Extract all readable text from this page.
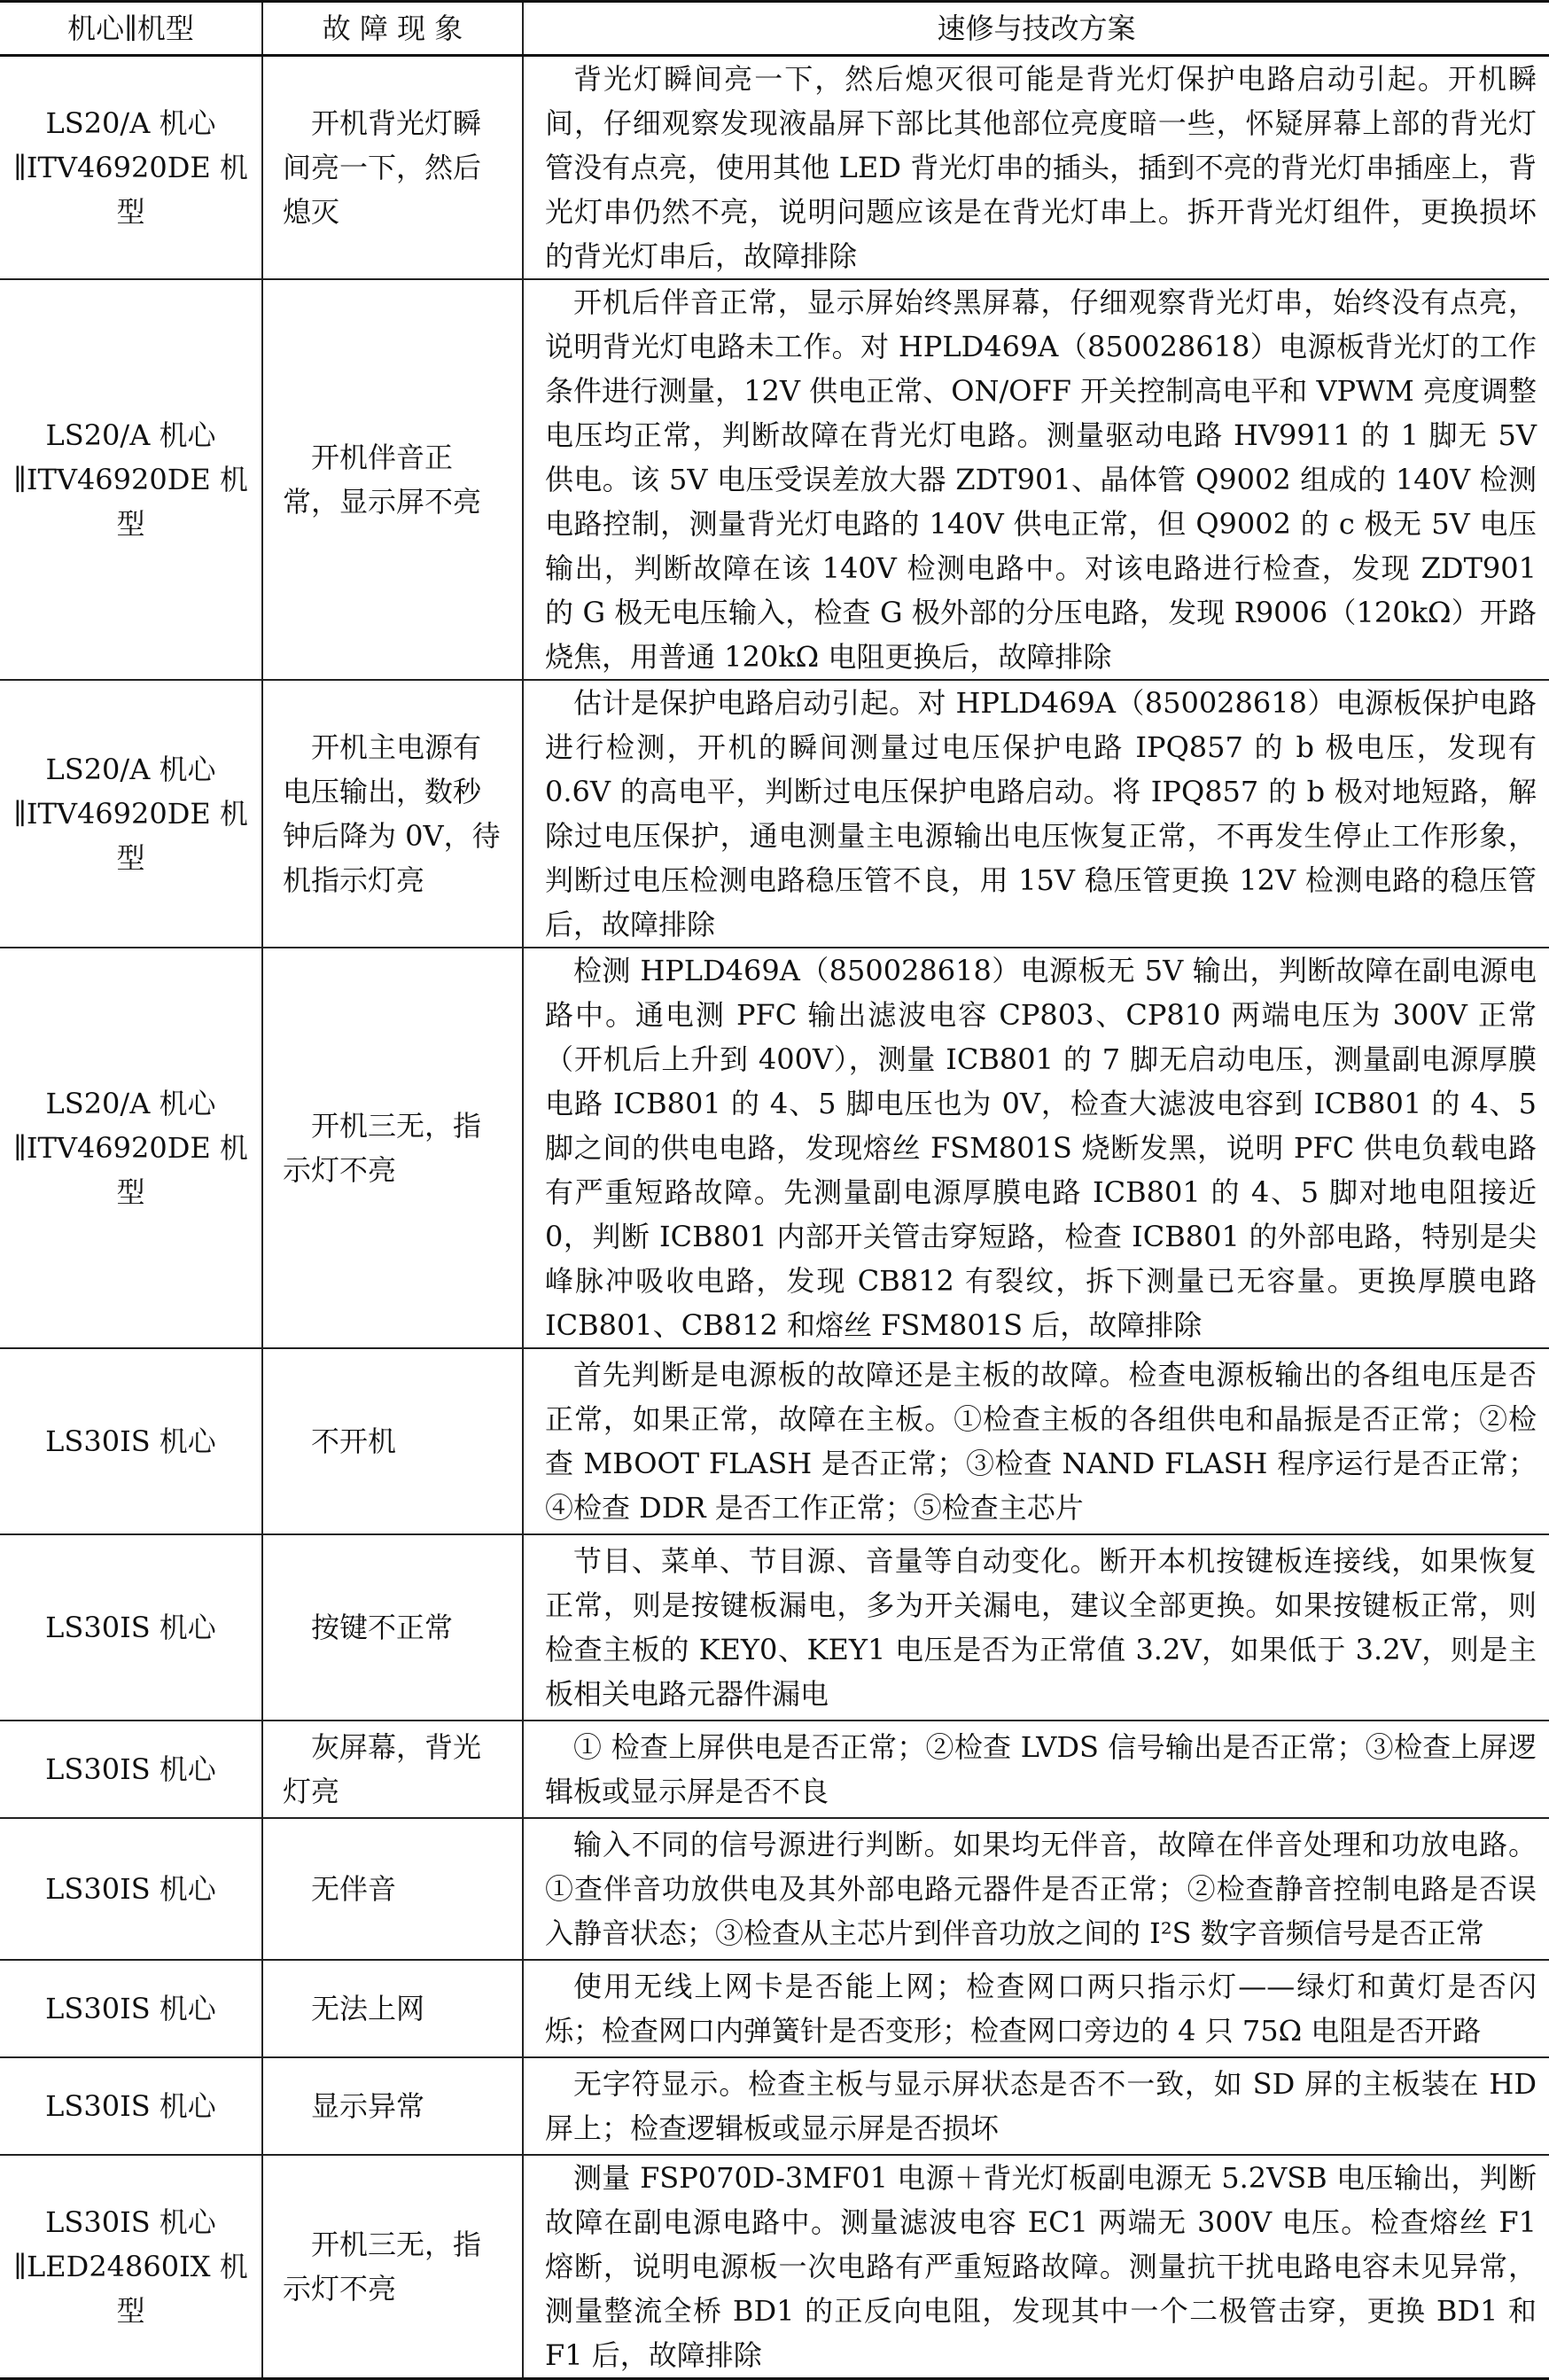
机心∥机型	故 障 现 象	速修与技改方案
LS20/A 机心∥ITV46920DE 机型	开机背光灯瞬间亮一下，然后熄灭	背光灯瞬间亮一下，然后熄灭很可能是背光灯保护电路启动引起。开机瞬间，仔细观察发现液晶屏下部比其他部位亮度暗一些，怀疑屏幕上部的背光灯管没有点亮，使用其他 LED 背光灯串的插头，插到不亮的背光灯串插座上，背光灯串仍然不亮，说明问题应该是在背光灯串上。拆开背光灯组件，更换损坏的背光灯串后，故障排除
LS20/A 机心∥ITV46920DE 机型	开机伴音正常，显示屏不亮	开机后伴音正常，显示屏始终黑屏幕，仔细观察背光灯串，始终没有点亮，说明背光灯电路未工作。对 HPLD469A（850028618）电源板背光灯的工作条件进行测量，12V 供电正常、ON/OFF 开关控制高电平和 VPWM 亮度调整电压均正常，判断故障在背光灯电路。测量驱动电路 HV9911 的 1 脚无 5V 供电。该 5V 电压受误差放大器 ZDT901、晶体管 Q9002 组成的 140V 检测电路控制，测量背光灯电路的 140V 供电正常，但 Q9002 的 c 极无 5V 电压输出，判断故障在该 140V 检测电路中。对该电路进行检查，发现 ZDT901 的 G 极无电压输入，检查 G 极外部的分压电路，发现 R9006（120kΩ）开路烧焦，用普通 120kΩ 电阻更换后，故障排除
LS20/A 机心∥ITV46920DE 机型	开机主电源有电压输出，数秒钟后降为 0V，待机指示灯亮	估计是保护电路启动引起。对 HPLD469A（850028618）电源板保护电路进行检测，开机的瞬间测量过电压保护电路 IPQ857 的 b 极电压，发现有 0.6V 的高电平，判断过电压保护电路启动。将 IPQ857 的 b 极对地短路，解除过电压保护，通电测量主电源输出电压恢复正常，不再发生停止工作形象，判断过电压检测电路稳压管不良，用 15V 稳压管更换 12V 检测电路的稳压管后，故障排除
LS20/A 机心∥ITV46920DE 机型	开机三无，指示灯不亮	检测 HPLD469A（850028618）电源板无 5V 输出，判断故障在副电源电路中。通电测 PFC 输出滤波电容 CP803、CP810 两端电压为 300V 正常（开机后上升到 400V），测量 ICB801 的 7 脚无启动电压，测量副电源厚膜电路 ICB801 的 4、5 脚电压也为 0V，检查大滤波电容到 ICB801 的 4、5 脚之间的供电电路，发现熔丝 FSM801S 烧断发黑，说明 PFC 供电负载电路有严重短路故障。先测量副电源厚膜电路 ICB801 的 4、5 脚对地电阻接近 0，判断 ICB801 内部开关管击穿短路，检查 ICB801 的外部电路，特别是尖峰脉冲吸收电路，发现 CB812 有裂纹，拆下测量已无容量。更换厚膜电路 ICB801、CB812 和熔丝 FSM801S 后，故障排除
LS30IS 机心	不开机	首先判断是电源板的故障还是主板的故障。检查电源板输出的各组电压是否正常，如果正常，故障在主板。①检查主板的各组供电和晶振是否正常；②检查 MBOOT FLASH 是否正常；③检查 NAND FLASH 程序运行是否正常；④检查 DDR 是否工作正常；⑤检查主芯片
LS30IS 机心	按键不正常	节目、菜单、节目源、音量等自动变化。断开本机按键板连接线，如果恢复正常，则是按键板漏电，多为开关漏电，建议全部更换。如果按键板正常，则检查主板的 KEY0、KEY1 电压是否为正常值 3.2V，如果低于 3.2V，则是主板相关电路元器件漏电
LS30IS 机心	灰屏幕，背光灯亮	① 检查上屏供电是否正常；②检查 LVDS 信号输出是否正常；③检查上屏逻辑板或显示屏是否不良
LS30IS 机心	无伴音	输入不同的信号源进行判断。如果均无伴音，故障在伴音处理和功放电路。①查伴音功放供电及其外部电路元器件是否正常；②检查静音控制电路是否误入静音状态；③检查从主芯片到伴音功放之间的 I²S 数字音频信号是否正常
LS30IS 机心	无法上网	使用无线上网卡是否能上网；检查网口两只指示灯——绿灯和黄灯是否闪烁；检查网口内弹簧针是否变形；检查网口旁边的 4 只 75Ω 电阻是否开路
LS30IS 机心	显示异常	无字符显示。检查主板与显示屏状态是否不一致，如 SD 屏的主板装在 HD 屏上；检查逻辑板或显示屏是否损坏
LS30IS 机心∥LED24860IX 机型	开机三无，指示灯不亮	测量 FSP070D-3MF01 电源＋背光灯板副电源无 5.2VSB 电压输出，判断故障在副电源电路中。测量滤波电容 EC1 两端无 300V 电压。检查熔丝 F1 熔断，说明电源板一次电路有严重短路故障。测量抗干扰电路电容未见异常，测量整流全桥 BD1 的正反向电阻，发现其中一个二极管击穿，更换 BD1 和 F1 后，故障排除
